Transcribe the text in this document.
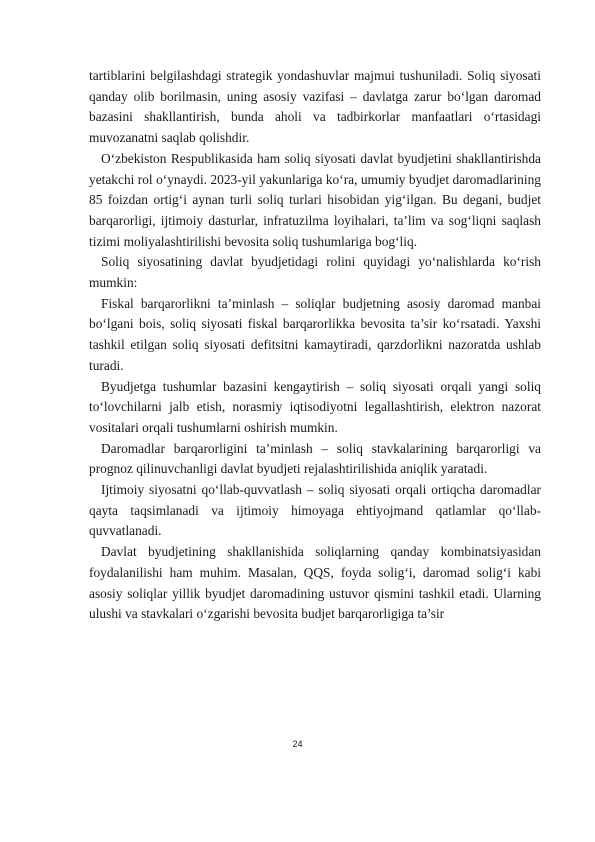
tartiblarini belgilashdagi strategik yondashuvlar majmui tushuniladi. Soliq siyosati qanday olib borilmasin, uning asosiy vazifasi – davlatga zarur bo‘lgan daromad bazasini shakllantirish, bunda aholi va tadbirkorlar manfaatlari o‘rtasidagi muvozanatni saqlab qolishdir.

O‘zbekiston Respublikasida ham soliq siyosati davlat byudjetini shakllantirishda yetakchi rol o‘ynaydi. 2023-yil yakunlariga ko‘ra, umumiy byudjet daromadlarining 85 foizdan ortig‘i aynan turli soliq turlari hisobidan yig‘ilgan. Bu degani, budjet barqarorligi, ijtimoiy dasturlar, infratuzilma loyihalari, ta’lim va sog‘liqni saqlash tizimi moliyalashtirilishi bevosita soliq tushumlariga bog‘liq.

Soliq siyosatining davlat byudjetidagi rolini quyidagi yo‘nalishlarda ko‘rish mumkin:

Fiskal barqarorlikni ta’minlash – soliqlar budjetning asosiy daromad manbai bo‘lgani bois, soliq siyosati fiskal barqarorlikka bevosita ta’sir ko‘rsatadi. Yaxshi tashkil etilgan soliq siyosati defitsitni kamaytiradi, qarzdorlikni nazoratda ushlab turadi.

Byudjetga tushumlar bazasini kengaytirish – soliq siyosati orqali yangi soliq to‘lovchilarni jalb etish, norasmiy iqtisodiyotni legallashtirish, elektron nazorat vositalari orqali tushumlarni oshirish mumkin.

Daromadlar barqarorligini ta’minlash – soliq stavkalarining barqarorligi va prognoz qilinuvchanligi davlat byudjeti rejalashtirilishida aniqlik yaratadi.

Ijtimoiy siyosatni qo‘llab-quvvatlash – soliq siyosati orqali ortiqcha daromadlar qayta taqsimlanadi va ijtimoiy himoyaga ehtiyojmand qatlamlar qo‘llab-quvvatlanadi.

Davlat byudjetining shakllanishida soliqlarning qanday kombinatsiyasidan foydalanilishi ham muhim. Masalan, QQS, foyda solig‘i, daromad solig‘i kabi asosiy soliqlar yillik byudjet daromadining ustuvor qismini tashkil etadi. Ularning ulushi va stavkalari o‘zgarishi bevosita budjet barqarorligiga ta’sir

24
